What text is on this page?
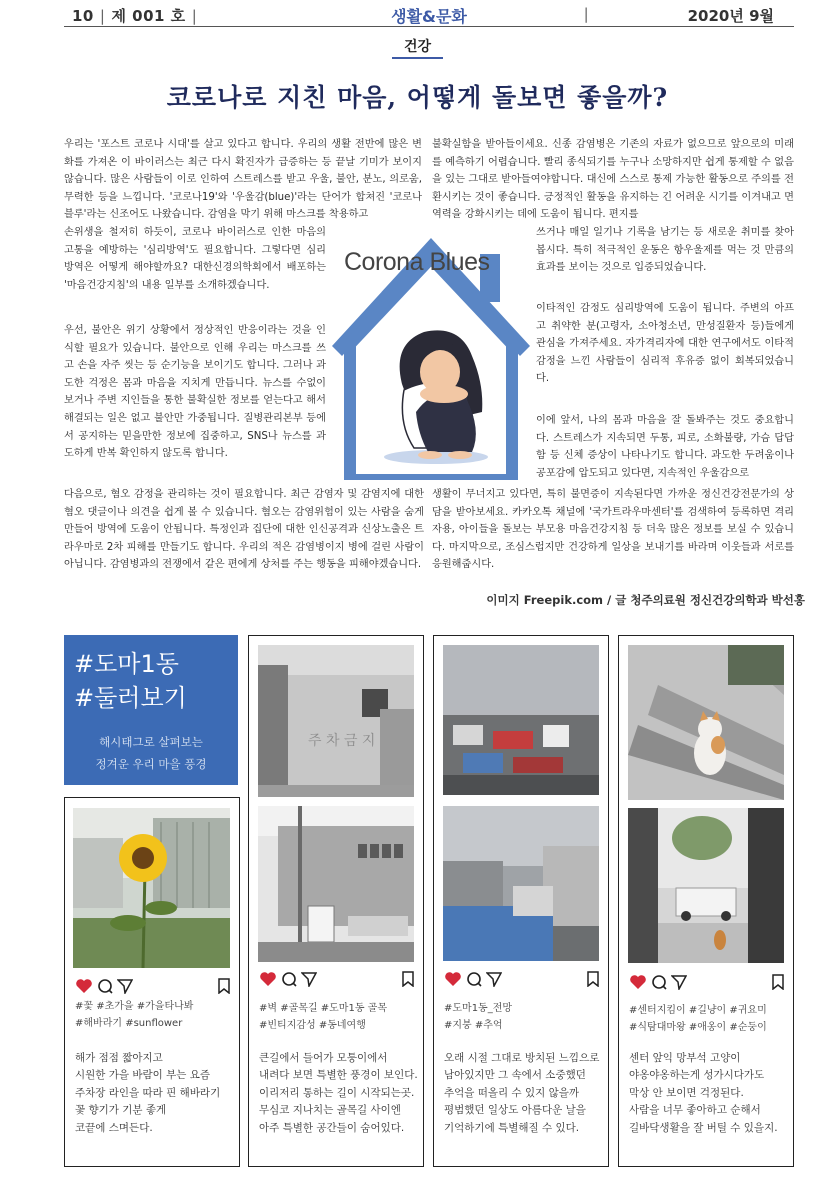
10 | 제 001 호 |	생활&문화	|	2020년 9월
건강
코로나로 지친 마음, 어떻게 돌보면 좋을까?
우리는 '포스트 코로나 시대'를 살고 있다고 합니다. 우리의 생활 전반에 많은 변화를 가져온 이 바이러스는 최근 다시 확진자가 급증하는 등 끝날 기미가 보이지 않습니다. 많은 사람들이 이로 인하여 스트레스를 받고 우울, 불안, 분노, 의로움, 무력한 등을 느낍니다. '코로나19'와 '우울감(blue)'라는 단어가 합쳐진 '코로나 블루'라는 신조어도 나왔습니다. 감염을 막기 위해 마스크를 착용하고
손위생을 철저히 하듯이, 코로나 바이러스로 인한 마음의 고통을 예방하는 '심리방역'도 필요합니다. 그렇다면 심리 방역은 어떻게 해야할까요? 대한신경의학회에서 배포하는 '마음건강지침'의 내용 일부를 소개하겠습니다.
우선, 불안은 위기 상황에서 정상적인 반응이라는 것을 인식할 필요가 있습니다. 불안으로 인해 우리는 마스크를 쓰고 손을 자주 씻는 등 순기능을 보이기도 합니다. 그러나 과도한 걱정은 몸과 마음을 지치게 만듭니다. 뉴스를 수없이 보거나 주변 지인들을 통한 불확실한 정보를 얻는다고 해서 해결되는 일은 없고 불안만 가중됩니다. 질병관리본부 등에서 공지하는 믿을만한 정보에 집중하고, SNS나 뉴스를 과도하게 반복 확인하지 않도록 합니다.
다음으로, 혐오 감정을 관리하는 것이 필요합니다. 최근 감염자 및 감염지에 대한 혐오 댓글이나 의견을 쉽게 볼 수 있습니다. 혐오는 감염위험이 있는 사람을 숨게 만들어 방역에 도움이 안됩니다. 특정인과 집단에 대한 인신공격과 신상노출은 트라우마로 2차 피해를 만들기도 합니다. 우리의 적은 감염병이지 병에 걸린 사람이 아닙니다. 감염병과의 전쟁에서 같은 편에게 상처를 주는 행동을 피해야겠습니다.
불확실함을 받아들이세요. 신종 감염병은 기존의 자료가 없으므로 앞으로의 미래를 예측하기 어렵습니다. 빨리 종식되기를 누구나 소망하지만 쉽게 통제할 수 없음을 있는 그대로 받아들여야합니다. 대신에 스스로 통제 가능한 활동으로 주의를 전환시키는 것이 좋습니다. 긍정적인 활동을 유지하는 긴 어려운 시기를 이겨내고 면역력을 강화시키는 데에 도움이 됩니다. 편지를
쓰거나 매일 일기나 기록을 남기는 등 새로운 취미를 찾아봅시다. 특히 적극적인 운동은 항우울제를 먹는 것 만큼의 효과를 보이는 것으로 입증되었습니다.
이타적인 감정도 심리방역에 도움이 됩니다. 주변의 아프고 취약한 분(고령자, 소아청소년, 만성질환자 등)들에게 관심을 가져주세요. 자가격리자에 대한 연구에서도 이타적 감정을 느낀 사람들이 심리적 후유증 없이 회복되었습니다.
이에 앞서, 나의 몸과 마음을 잘 돌봐주는 것도 중요합니다. 스트레스가 지속되면 두통, 피로, 소화불량, 가슴 답답함 등 신체 증상이 나타나기도 합니다. 과도한 두려움이나 공포감에 압도되고 있다면, 지속적인 우울감으로
생활이 무너지고 있다면, 특히 불면증이 지속된다면 가까운 정신건강전문가의 상담을 받아보세요. 카카오톡 채널에 '국가트라우마센터'를 검색하여 등록하면 격리자용, 아이들을 돌보는 부모용 마음건강지침 등 더욱 많은 정보를 보실 수 있습니다. 마지막으로, 조심스럽지만 건강하게 일상을 보내기를 바라며 이웃들과 서로를 응원해줍시다.
Corona Blues
이미지 Freepik.com / 글 청주의료원 정신건강의학과 박선홍
#도마1동
#둘러보기
해시태그로 살펴보는
정겨운 우리 마을 풍경
#꽃 #초가을 #가을타나봐
#해바라기 #sunflower
해가 점점 짧아지고
시원한 가을 바람이 부는 요즘
주차장 라인을 따라 핀 해바라기
꽃 향기가 기분 좋게
코끝에 스며든다.
주 차 금 지
#벽 #골목길 #도마1동 골목
#빈티지감성 #동네여행
큰길에서 들어가 모퉁이에서
내려다 보면 특별한 풍경이 보인다.
이리저리 통하는 길이 시작되는곳.
무심코 지나치는 골목길 사이엔
아주 특별한 공간들이 숨어있다.
#도마1동_전망
#지붕 #추억
오래 시절 그대로 방치된 느낌으로
남아있지만 그 속에서 소중했던
추억을 떠올리 수 있지 않을까
평범했던 일상도 아름다운 날을
기억하기에 특별해질 수 있다.
#센터지킴이 #길냥이 #귀요미
#식탐대마왕 #애옹이 #순둥이
센터 앞익 망부석 고양이
야옹야옹하는게 성가시다가도
막상 안 보이면 걱정된다.
사람을 너무 좋아하고 순해서
길바닥생활을 잘 버틸 수 있을지.
